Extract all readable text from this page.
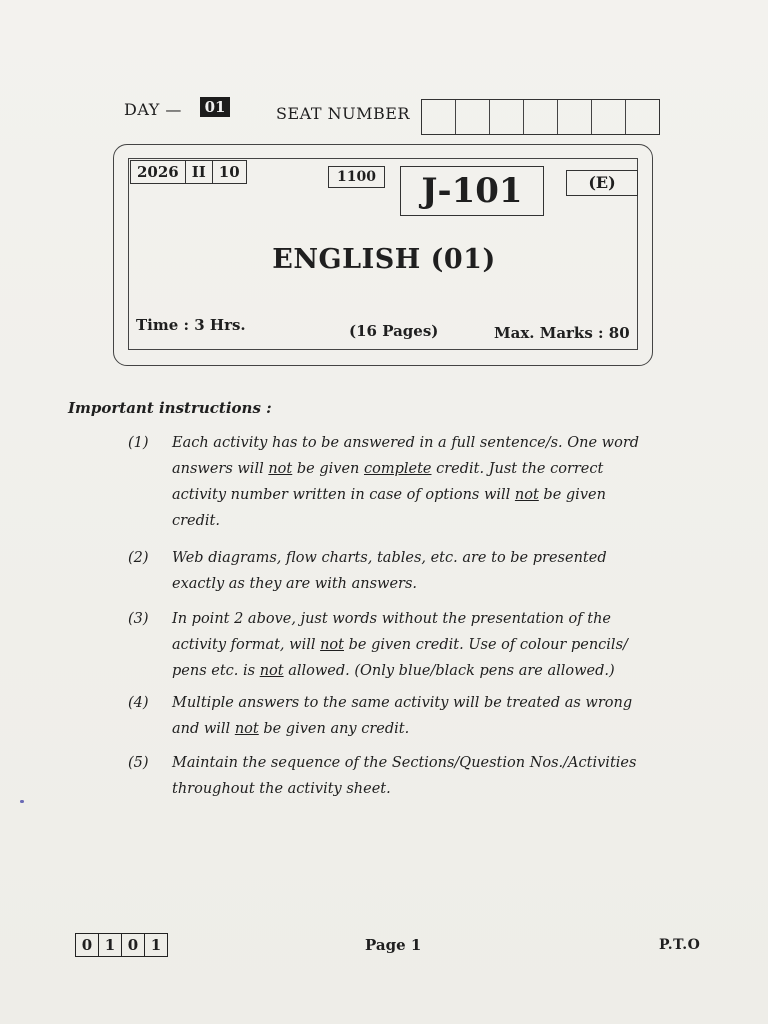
DAY —	01	SEAT NUMBER
2026 II 10	1100	J-101	(E)
ENGLISH (01)
Time : 3 Hrs.	(16 Pages)	Max. Marks : 80
Important instructions :
(1)	Each activity has to be answered in a full sentence/s. One word answers will not be given complete credit. Just the correct activity number written in case of options will not be given credit.
(2)	Web diagrams, flow charts, tables, etc. are to be presented exactly as they are with answers.
(3)	In point 2 above, just words without the presentation of the activity format, will not be given credit. Use of colour pencils/ pens etc. is not allowed. (Only blue/black pens are allowed.)
(4)	Multiple answers to the same activity will be treated as wrong and will not be given any credit.
(5)	Maintain the sequence of the Sections/Question Nos./Activities throughout the activity sheet.
0 1 0 1	Page 1	P.T.O
